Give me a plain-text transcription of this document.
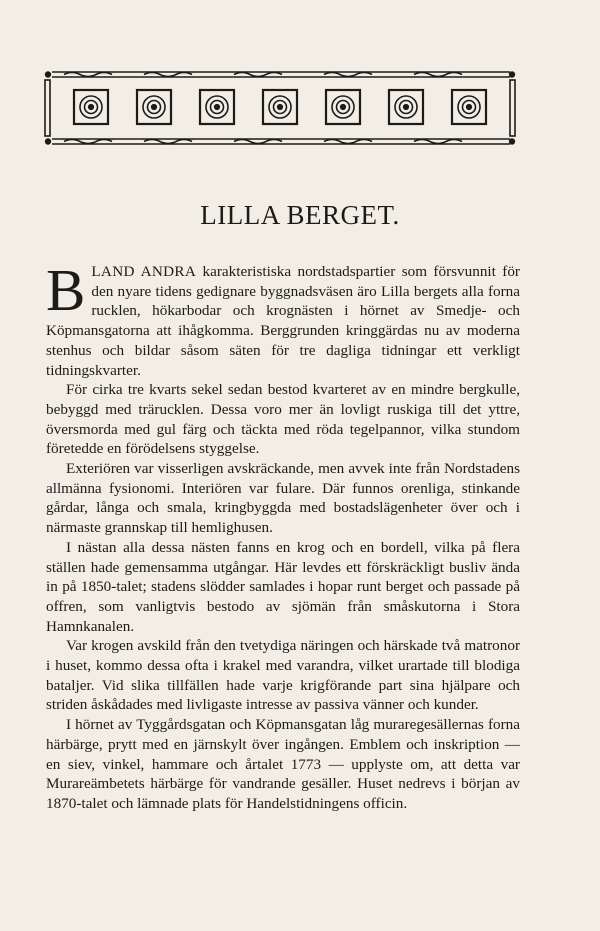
LILLA BERGET.

BLAND ANDRA karakteristiska nordstadspartier som försvunnit för den nyare tidens gedignare byggnadsväsen äro Lilla bergets alla forna rucklen, hökarbodar och krognästen i hörnet av Smedje- och Köpmansgatorna att ihågkomma. Berggrunden kringgärdas nu av moderna stenhus och bildar såsom säten för tre dagliga tidningar ett verkligt tidningskvarter.

För cirka tre kvarts sekel sedan bestod kvarteret av en mindre bergkulle, bebyggd med trärucklen. Dessa voro mer än lovligt ruskiga till det yttre, översmorda med gul färg och täckta med röda tegelpannor, vilka stundom företedde en förödelsens styggelse.

Exteriören var visserligen avskräckande, men avvek inte från Nordstadens allmänna fysionomi. Interiören var fulare. Där funnos orenliga, stinkande gårdar, långa och smala, kringbyggda med bostadslägenheter över och i närmaste grannskap till hemlighusen.

I nästan alla dessa nästen fanns en krog och en bordell, vilka på flera ställen hade gemensamma utgångar. Här levdes ett förskräckligt busliv ända in på 1850-talet; stadens slödder samlades i hopar runt berget och passade på offren, som vanligtvis bestodo av sjömän från småskutorna i Stora Hamnkanalen.

Var krogen avskild från den tvetydiga näringen och härskade två matronor i huset, kommo dessa ofta i krakel med varandra, vilket urartade till blodiga bataljer. Vid slika tillfällen hade varje krigförande part sina hjälpare och striden åskådades med livligaste intresse av passiva vänner och kunder.

I hörnet av Tyggårdsgatan och Köpmansgatan låg muraregesällernas forna härbärge, prytt med en järnskylt över ingången. Emblem och inskription — en siev, vinkel, hammare och årtalet 1773 — upplyste om, att detta var Murareämbetets härbärge för vandrande gesäller. Huset nedrevs i början av 1870-talet och lämnade plats för Handelstidningens officin.
